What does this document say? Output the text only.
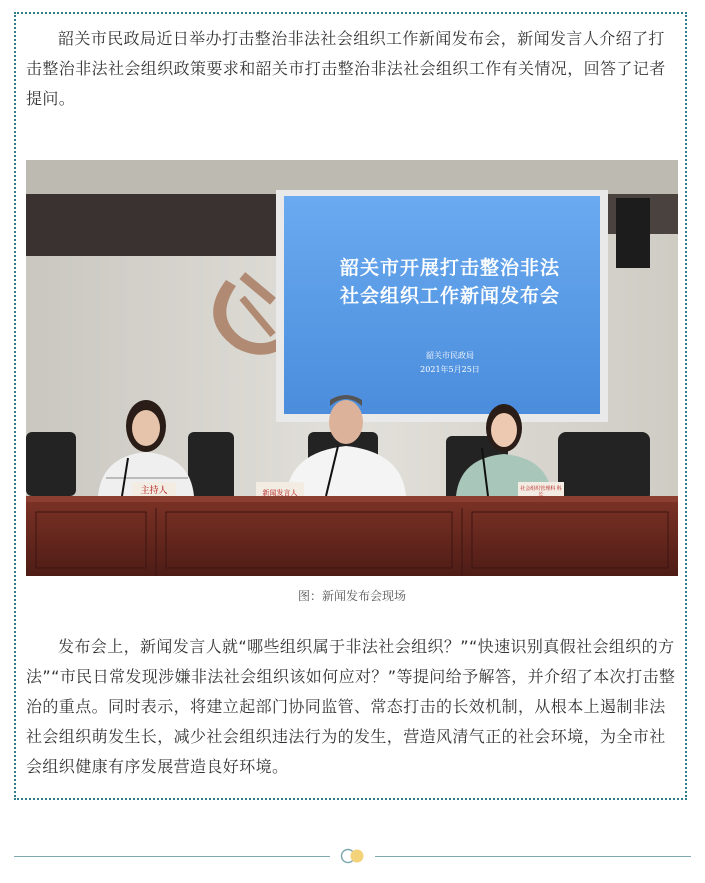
韶关市民政局近日举办打击整治非法社会组织工作新闻发布会，新闻发言人介绍了打击整治非法社会组织政策要求和韶关市打击整治非法社会组织工作有关情况，回答了记者提问。

韶关市开展打击整治非法
社会组织工作新闻发布会
韶关市民政局
2021年5月25日
主持人	新闻发言人	社会组织管理科 科长
图：新闻发布会现场

发布会上，新闻发言人就“哪些组织属于非法社会组织？”“快速识别真假社会组织的方法”“市民日常发现涉嫌非法社会组织该如何应对？”等提问给予解答，并介绍了本次打击整治的重点。同时表示，将建立起部门协同监管、常态打击的长效机制，从根本上遏制非法社会组织萌发生长，减少社会组织违法行为的发生，营造风清气正的社会环境，为全市社会组织健康有序发展营造良好环境。
